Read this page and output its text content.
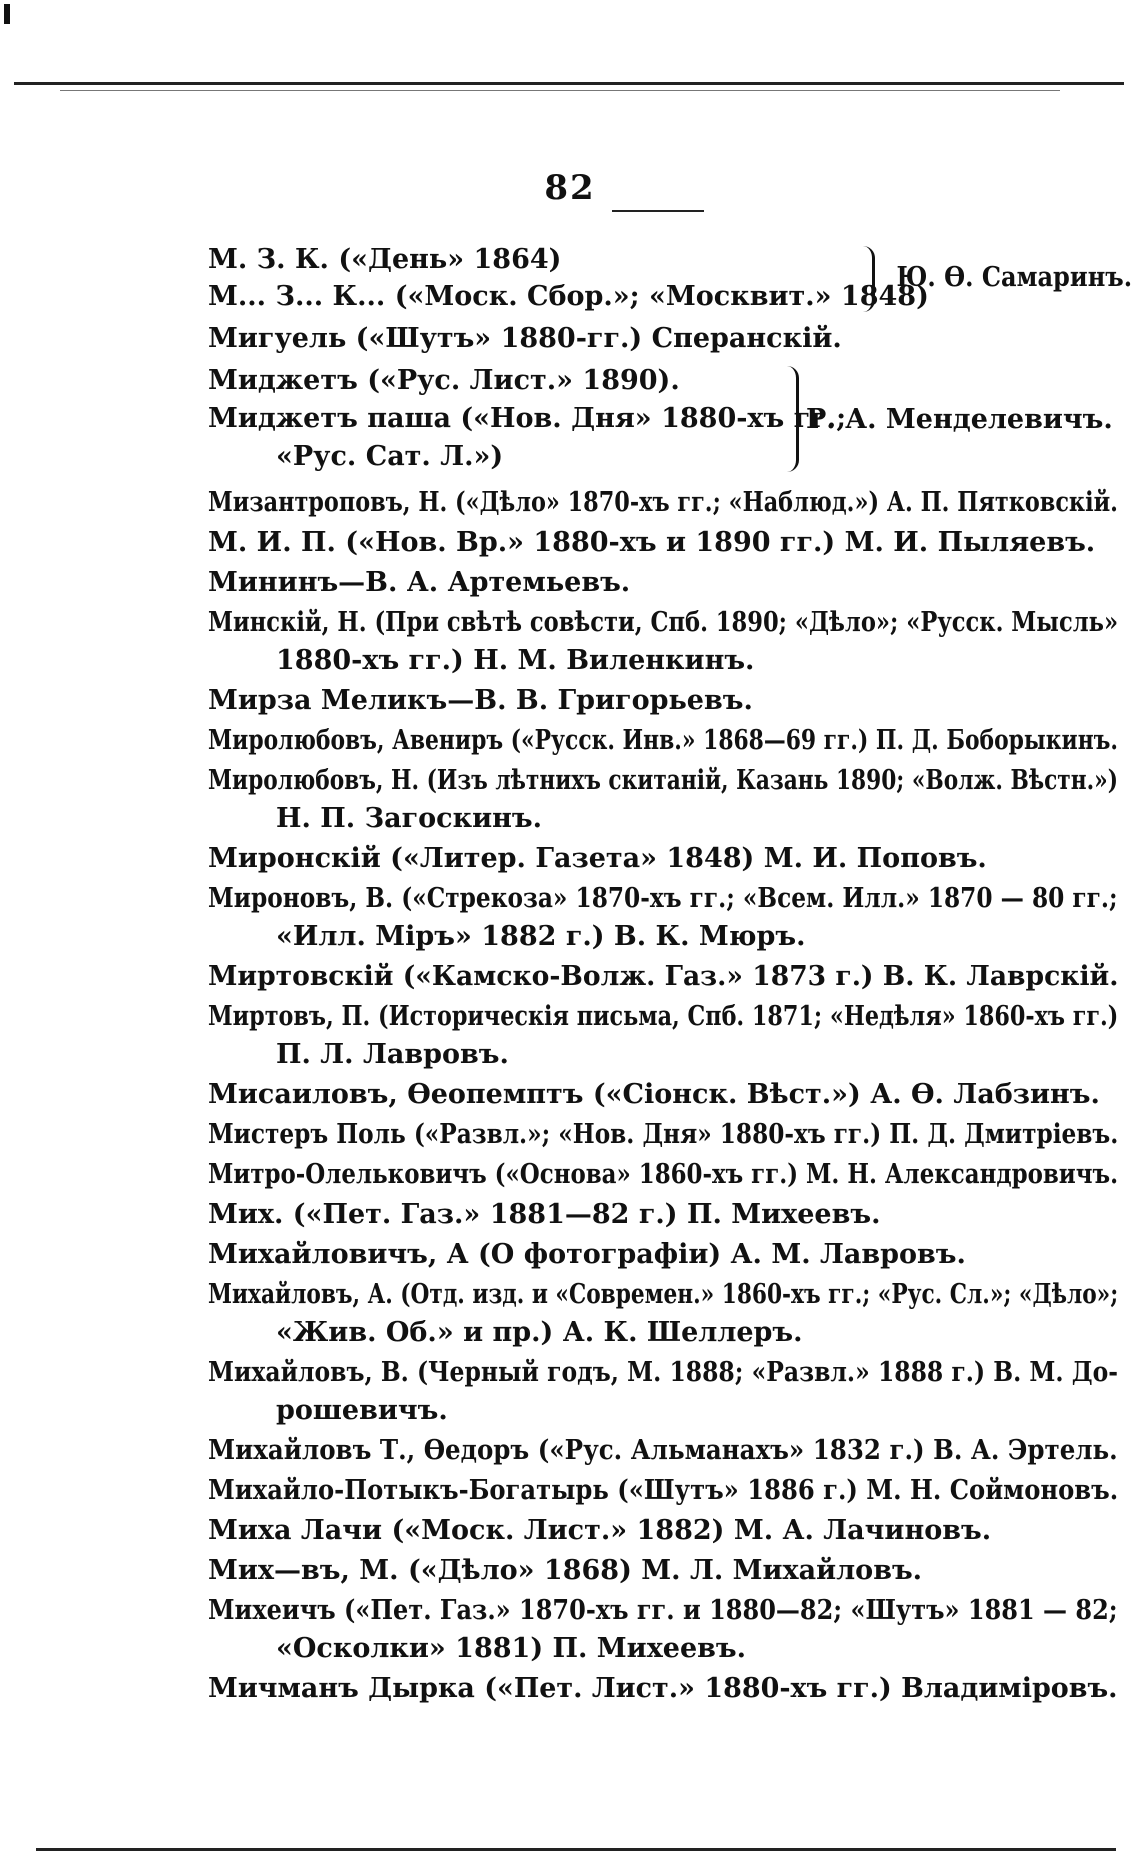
82
М. З. К. («День» 1864)
М... З... К... («Моск. Сбор.»; «Москвит.» 1848)
Ю. Ѳ. Самаринъ.
Мигуель («Шутъ» 1880-гг.) Сперанскій.
Миджетъ («Рус. Лист.» 1890).
Миджетъ паша («Нов. Дня» 1880-хъ гг.;
«Рус. Сат. Л.»)
Р. А. Менделевичъ.
Мизантроповъ, Н. («Дѣло» 1870-хъ гг.; «Наблюд.») А. П. Пятковскій.
М. И. П. («Нов. Вр.» 1880-хъ и 1890 гг.) М. И. Пыляевъ.
Мининъ—В. А. Артемьевъ.
Минскій, Н. (При свѣтѣ совѣсти, Спб. 1890; «Дѣло»; «Русск. Мысль»
1880-хъ гг.) Н. М. Виленкинъ.
Мирза Меликъ—В. В. Григорьевъ.
Миролюбовъ, Авениръ («Русск. Инв.» 1868—69 гг.) П. Д. Боборыкинъ.
Миролюбовъ, Н. (Изъ лѣтнихъ скитаній, Казань 1890; «Волж. Вѣстн.»)
Н. П. Загоскинъ.
Миронскій («Литер. Газета» 1848) М. И. Поповъ.
Мироновъ, В. («Стрекоза» 1870-хъ гг.; «Всем. Илл.» 1870 — 80 гг.;
«Илл. Міръ» 1882 г.) В. К. Мюръ.
Миртовскій («Камско-Волж. Газ.» 1873 г.) В. К. Лаврскій.
Миртовъ, П. (Историческія письма, Спб. 1871; «Недѣля» 1860-хъ гг.)
П. Л. Лавровъ.
Мисаиловъ, Ѳеопемптъ («Сіонск. Вѣст.») А. Ѳ. Лабзинъ.
Мистеръ Поль («Развл.»; «Нов. Дня» 1880-хъ гг.) П. Д. Дмитріевъ.
Митро-Олельковичъ («Основа» 1860-хъ гг.) М. Н. Александровичъ.
Мих. («Пет. Газ.» 1881—82 г.) П. Михеевъ.
Михайловичъ, А (О фотографіи) А. М. Лавровъ.
Михайловъ, А. (Отд. изд. и «Современ.» 1860-хъ гг.; «Рус. Сл.»; «Дѣло»;
«Жив. Об.» и пр.) А. К. Шеллеръ.
Михайловъ, В. (Черный годъ, М. 1888; «Развл.» 1888 г.) В. М. До-
рошевичъ.
Михайловъ Т., Ѳедоръ («Рус. Альманахъ» 1832 г.) В. А. Эртель.
Михайло-Потыкъ-Богатырь («Шутъ» 1886 г.) М. Н. Соймоновъ.
Миха Лачи («Моск. Лист.» 1882) М. А. Лачиновъ.
Мих—въ, М. («Дѣло» 1868) М. Л. Михайловъ.
Михеичъ («Пет. Газ.» 1870-хъ гг. и 1880—82; «Шутъ» 1881 — 82;
«Осколки» 1881) П. Михеевъ.
Мичманъ Дырка («Пет. Лист.» 1880-хъ гг.) Владиміровъ.
